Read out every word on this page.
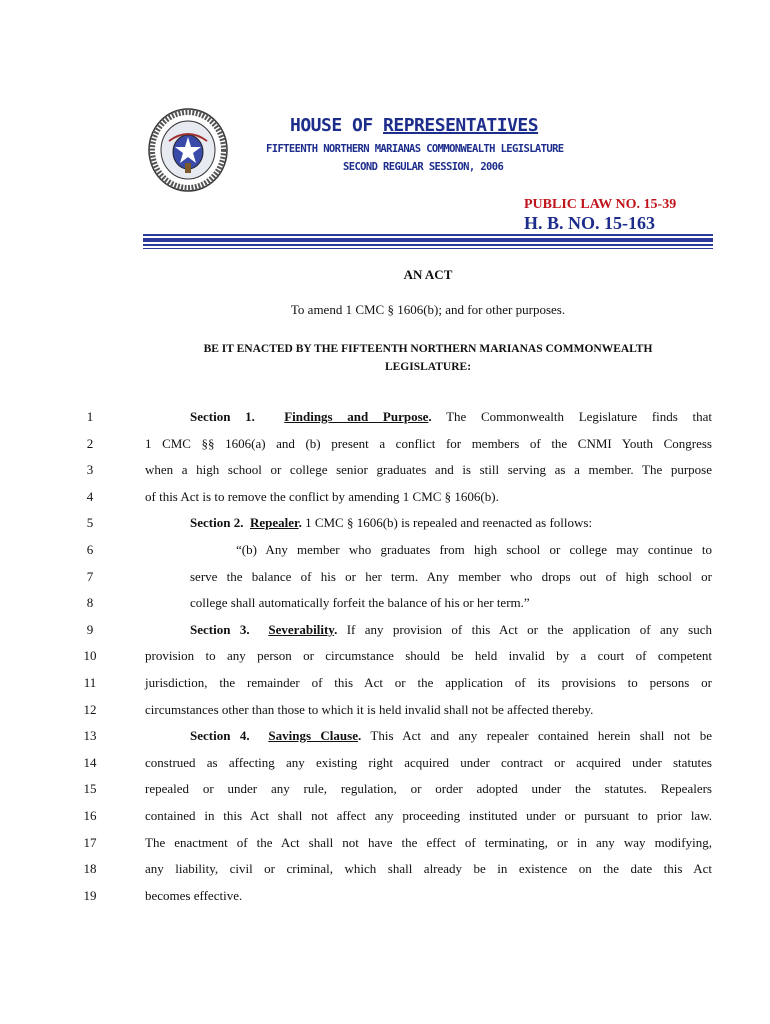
HOUSE OF REPRESENTATIVES
FIFTEENTH NORTHERN MARIANAS COMMONWEALTH LEGISLATURE
SECOND REGULAR SESSION, 2006
PUBLIC LAW NO. 15-39
H. B. NO. 15-163
AN ACT
To amend 1 CMC § 1606(b); and for other purposes.
BE IT ENACTED BY THE FIFTEENTH NORTHERN MARIANAS COMMONWEALTH
LEGISLATURE:
1	Section 1.  Findings and Purpose. The Commonwealth Legislature finds that
2	1 CMC §§ 1606(a) and (b) present a conflict for members of the CNMI Youth Congress
3	when a high school or college senior graduates and is still serving as a member. The purpose
4	of this Act is to remove the conflict by amending 1 CMC § 1606(b).
5	Section 2.  Repealer. 1 CMC § 1606(b) is repealed and reenacted as follows:
6	“(b) Any member who graduates from high school or college may continue to
7	serve the balance of his or her term. Any member who drops out of high school or
8	college shall automatically forfeit the balance of his or her term.”
9	Section 3.  Severability. If any provision of this Act or the application of any such
10	provision to any person or circumstance should be held invalid by a court of competent
11	jurisdiction, the remainder of this Act or the application of its provisions to persons or
12	circumstances other than those to which it is held invalid shall not be affected thereby.
13	Section 4.  Savings Clause. This Act and any repealer contained herein shall not be
14	construed as affecting any existing right acquired under contract or acquired under statutes
15	repealed or under any rule, regulation, or order adopted under the statutes. Repealers
16	contained in this Act shall not affect any proceeding instituted under or pursuant to prior law.
17	The enactment of the Act shall not have the effect of terminating, or in any way modifying,
18	any liability, civil or criminal, which shall already be in existence on the date this Act
19	becomes effective.
